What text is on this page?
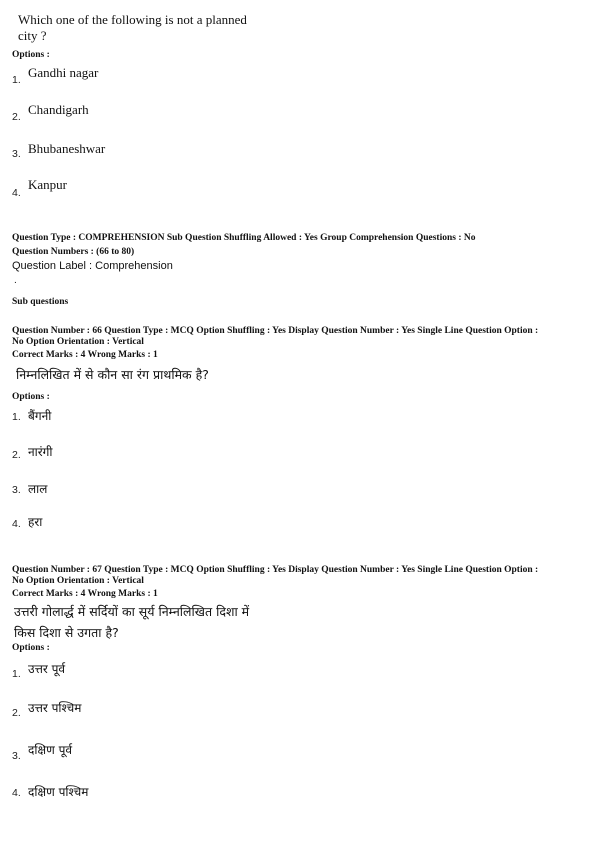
Which one of the following is not a planned
city ?
Options :
1. Gandhi nagar
2. Chandigarh
3. Bhubaneshwar
4.
Kanpur
Question Type : COMPREHENSION Sub Question Shuffling Allowed : Yes Group Comprehension Questions : No
Question Numbers : (66 to 80)
Question Label : Comprehension
.
Sub questions
Question Number : 66 Question Type : MCQ Option Shuffling : Yes Display Question Number : Yes Single Line Question Option :
No Option Orientation : Vertical
Correct Marks : 4 Wrong Marks : 1
निम्नलिखित में से कौन सा रंग प्राथमिक है?
Options :
1. बैंगनी
2. नारंगी
3. लाल
4. हरा
Question Number : 67 Question Type : MCQ Option Shuffling : Yes Display Question Number : Yes Single Line Question Option :
No Option Orientation : Vertical
Correct Marks : 4 Wrong Marks : 1
उत्तरी गोलार्द्ध में सर्दियों का सूर्य निम्नलिखित दिशा में
किस दिशा से उगता है?
Options :
1. उत्तर पूर्व
2. उत्तर पश्चिम
3. दक्षिण पूर्व
4. दक्षिण पश्चिम
